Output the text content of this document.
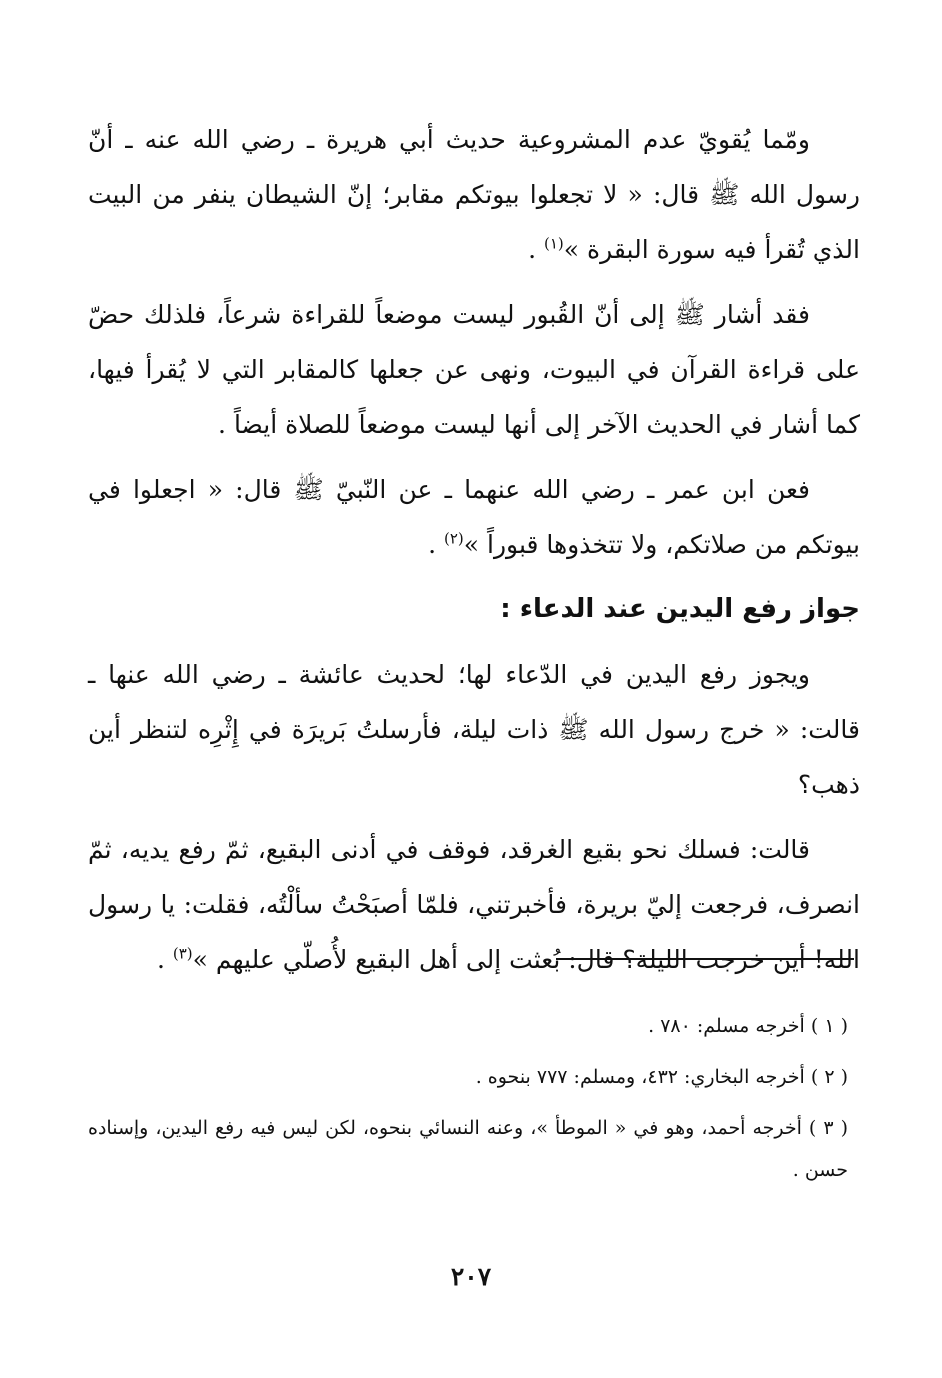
ومّما يُقويّ عدم المشروعية حديث أبي هريرة ـ رضي الله عنه ـ أنّ رسول الله ﷺ قال: « لا تجعلوا بيوتكم مقابر؛ إنّ الشيطان ينفر من البيت الذي تُقرأ فيه سورة البقرة »$^{(١)}$ .

فقد أشار ﷺ إلى أنّ القُبور ليست موضعاً للقراءة شرعاً، فلذلك حضّ على قراءة القرآن في البيوت، ونهى عن جعلها كالمقابر التي لا يُقرأ فيها، كما أشار في الحديث الآخر إلى أنها ليست موضعاً للصلاة أيضاً .

فعن ابن عمر ـ رضي الله عنهما ـ عن النّبيّ ﷺ قال: « اجعلوا في بيوتكم من صلاتكم، ولا تتخذوها قبوراً »$^{(٢)}$ .

جواز رفع اليدين عند الدعاء :

ويجوز رفع اليدين في الدّعاء لها؛ لحديث عائشة ـ رضي الله عنها ـ قالت: « خرج رسول الله ﷺ ذات ليلة، فأرسلتُ بَريرَة في إِثْرِه لتنظر أين ذهب؟

قالت: فسلك نحو بقيع الغرقد، فوقف في أدنى البقيع، ثمّ رفع يديه، ثمّ انصرف، فرجعت إليّ بريرة، فأخبرتني، فلمّا أصبَحْتُ سألْتُه، فقلت: يا رسول الله! أين خرجت الليلة؟ قال: بُعثت إلى أهل البقيع لأُصلّي عليهم »$^{(٣)}$ .

( ١ ) أخرجه مسلم: ٧٨٠ .

( ٢ ) أخرجه البخاري: ٤٣٢، ومسلم: ٧٧٧ بنحوه .

( ٣ ) أخرجه أحمد، وهو في « الموطأ »، وعنه النسائي بنحوه، لكن ليس فيه رفع اليدين، وإسناده حسن .

٢٠٧
